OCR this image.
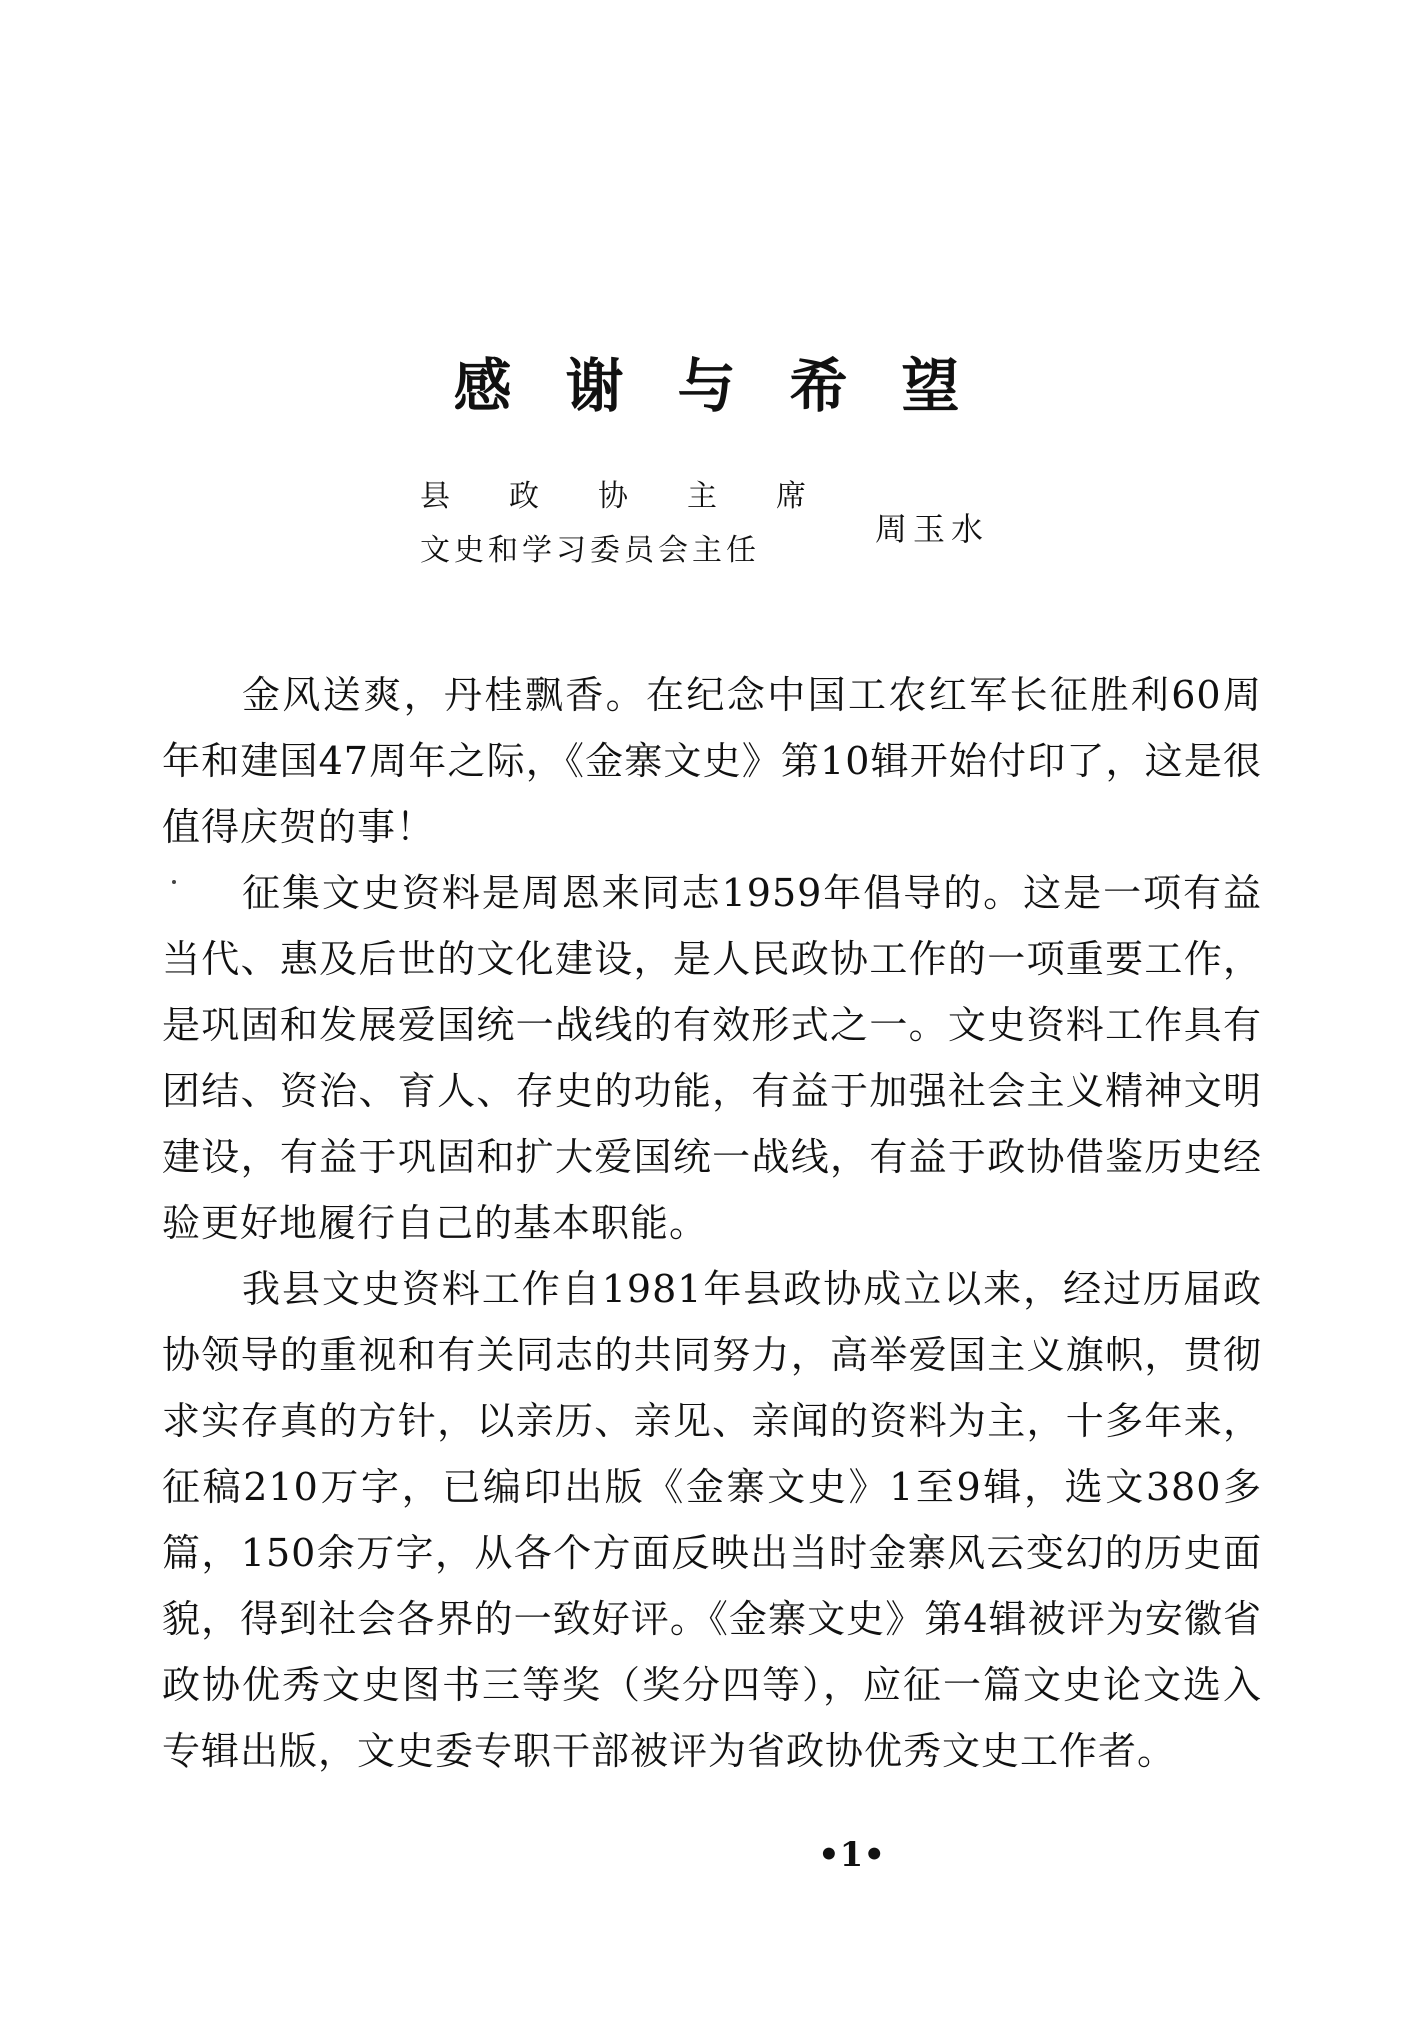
感谢与希望
县政协主席
文史和学习委员会主任
周玉水

金风送爽，丹桂飘香。在纪念中国工农红军长征胜利60周年和建国47周年之际，《金寨文史》第10辑开始付印了，这是很值得庆贺的事！

征集文史资料是周恩来同志1959年倡导的。这是一项有益当代、惠及后世的文化建设，是人民政协工作的一项重要工作，是巩固和发展爱国统一战线的有效形式之一。文史资料工作具有团结、资治、育人、存史的功能，有益于加强社会主义精神文明建设，有益于巩固和扩大爱国统一战线，有益于政协借鉴历史经验更好地履行自己的基本职能。

我县文史资料工作自1981年县政协成立以来，经过历届政协领导的重视和有关同志的共同努力，高举爱国主义旗帜，贯彻求实存真的方针，以亲历、亲见、亲闻的资料为主，十多年来，征稿210万字，已编印出版《金寨文史》1至9辑，选文380多篇，150余万字，从各个方面反映出当时金寨风云变幻的历史面貌，得到社会各界的一致好评。《金寨文史》第4辑被评为安徽省政协优秀文史图书三等奖（奖分四等），应征一篇文史论文选入专辑出版，文史委专职干部被评为省政协优秀文史工作者。

•1•
